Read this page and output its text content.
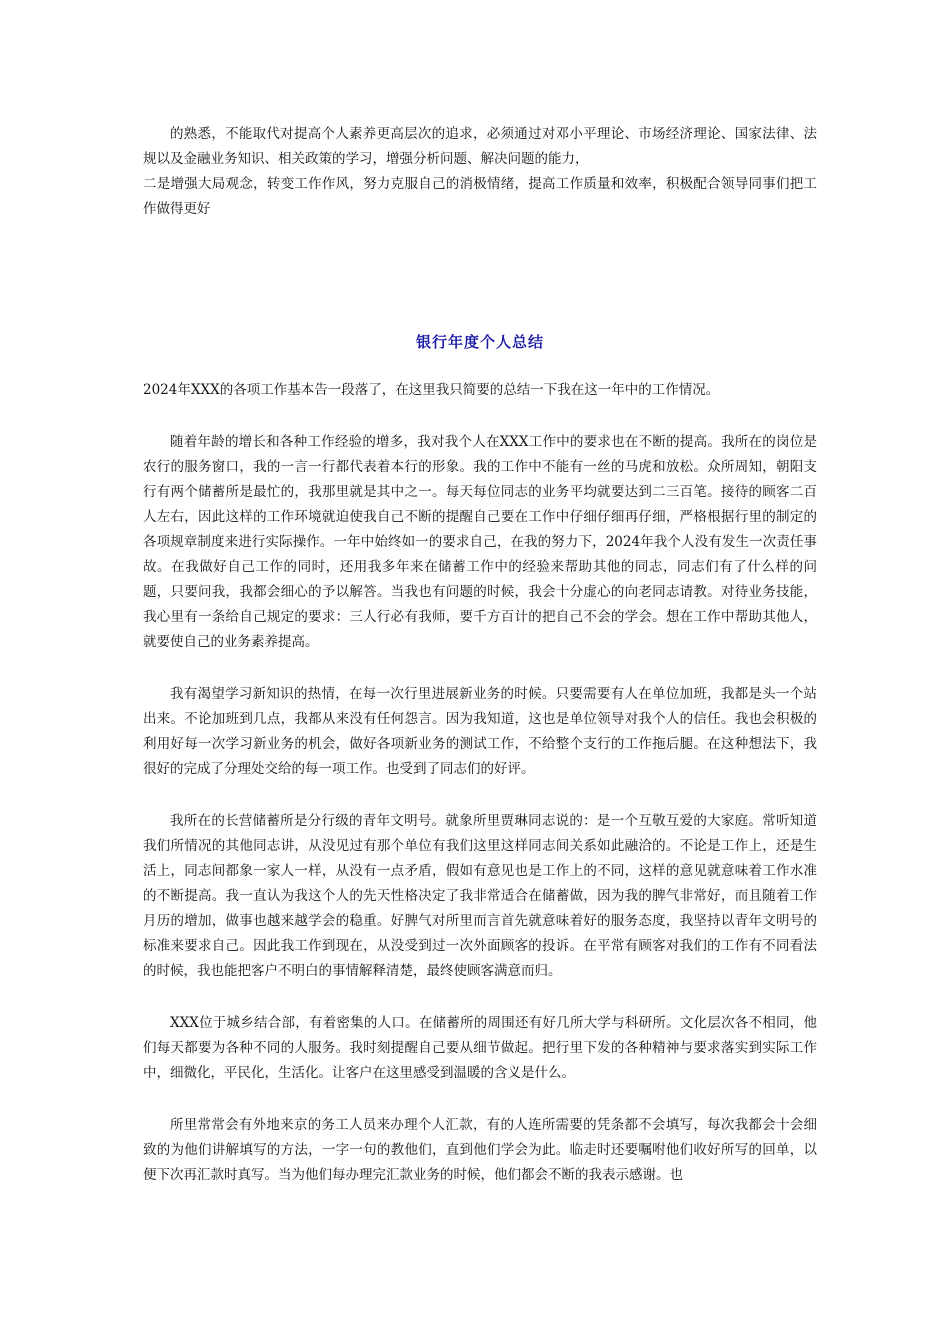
的熟悉，不能取代对提高个人素养更高层次的追求，必须通过对邓小平理论、市场经济理论、国家法律、法规以及金融业务知识、相关政策的学习，增强分析问题、解决问题的能力，

二是增强大局观念，转变工作作风，努力克服自己的消极情绪，提高工作质量和效率，积极配合领导同事们把工作做得更好

银行年度个人总结

2024年XXX的各项工作基本告一段落了，在这里我只简要的总结一下我在这一年中的工作情况。

随着年龄的增长和各种工作经验的增多，我对我个人在XXX工作中的要求也在不断的提高。我所在的岗位是农行的服务窗口，我的一言一行都代表着本行的形象。我的工作中不能有一丝的马虎和放松。众所周知，朝阳支行有两个储蓄所是最忙的，我那里就是其中之一。每天每位同志的业务平均就要达到二三百笔。接待的顾客二百人左右，因此这样的工作环境就迫使我自己不断的提醒自己要在工作中仔细仔细再仔细，严格根据行里的制定的各项规章制度来进行实际操作。一年中始终如一的要求自己，在我的努力下，2024年我个人没有发生一次责任事故。在我做好自己工作的同时，还用我多年来在储蓄工作中的经验来帮助其他的同志，同志们有了什么样的问题，只要问我，我都会细心的予以解答。当我也有问题的时候，我会十分虚心的向老同志请教。对待业务技能，我心里有一条给自己规定的要求：三人行必有我师，要千方百计的把自己不会的学会。想在工作中帮助其他人，就要使自己的业务素养提高。

我有渴望学习新知识的热情，在每一次行里进展新业务的时候。只要需要有人在单位加班，我都是头一个站出来。不论加班到几点，我都从来没有任何怨言。因为我知道，这也是单位领导对我个人的信任。我也会积极的利用好每一次学习新业务的机会，做好各项新业务的测试工作，不给整个支行的工作拖后腿。在这种想法下，我很好的完成了分理处交给的每一项工作。也受到了同志们的好评。

我所在的长营储蓄所是分行级的青年文明号。就象所里贾琳同志说的：是一个互敬互爱的大家庭。常听知道我们所情况的其他同志讲，从没见过有那个单位有我们这里这样同志间关系如此融洽的。不论是工作上，还是生活上，同志间都象一家人一样，从没有一点矛盾，假如有意见也是工作上的不同，这样的意见就意味着工作水准的不断提高。我一直认为我这个人的先天性格决定了我非常适合在储蓄做，因为我的脾气非常好，而且随着工作月历的增加，做事也越来越学会的稳重。好脾气对所里而言首先就意味着好的服务态度，我坚持以青年文明号的标准来要求自己。因此我工作到现在，从没受到过一次外面顾客的投诉。在平常有顾客对我们的工作有不同看法的时候，我也能把客户不明白的事情解释清楚，最终使顾客满意而归。

XXX位于城乡结合部，有着密集的人口。在储蓄所的周围还有好几所大学与科研所。文化层次各不相同，他们每天都要为各种不同的人服务。我时刻提醒自己要从细节做起。把行里下发的各种精神与要求落实到实际工作中，细微化，平民化，生活化。让客户在这里感受到温暖的含义是什么。

所里常常会有外地来京的务工人员来办理个人汇款，有的人连所需要的凭条都不会填写，每次我都会十会细致的为他们讲解填写的方法，一字一句的教他们，直到他们学会为此。临走时还要嘱咐他们收好所写的回单，以便下次再汇款时真写。当为他们每办理完汇款业务的时候，他们都会不断的我表示感谢。也
